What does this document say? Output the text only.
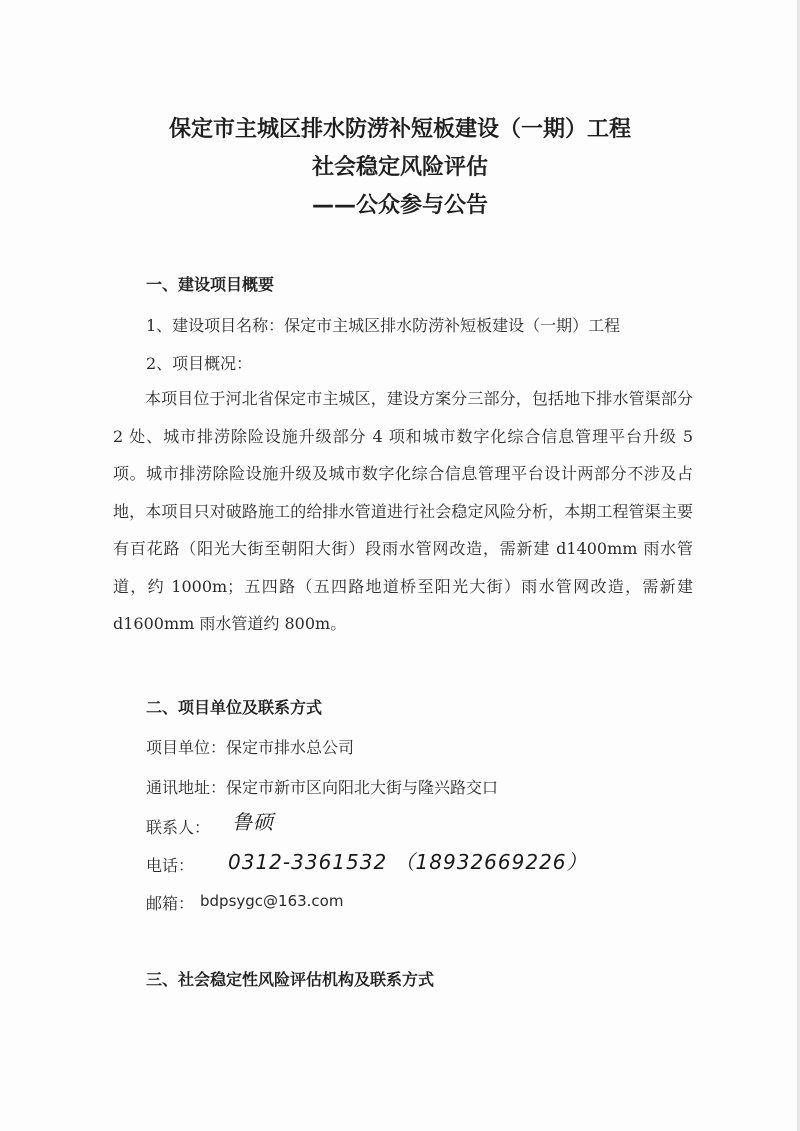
保定市主城区排水防涝补短板建设（一期）工程
社会稳定风险评估
——公众参与公告
一、建设项目概要
1、建设项目名称：保定市主城区排水防涝补短板建设（一期）工程
2、项目概况：

本项目位于河北省保定市主城区，建设方案分三部分，包括地下排水管渠部分 2 处、城市排涝除险设施升级部分 4 项和城市数字化综合信息管理平台升级 5 项。城市排涝除险设施升级及城市数字化综合信息管理平台设计两部分不涉及占地，本项目只对破路施工的给排水管道进行社会稳定风险分析，本期工程管渠主要有百花路（阳光大街至朝阳大街）段雨水管网改造，需新建 d1400mm 雨水管道，约 1000m；五四路（五四路地道桥至阳光大街）雨水管网改造，需新建 d1600mm 雨水管道约 800m。

二、项目单位及联系方式
项目单位：保定市排水总公司
通讯地址：保定市新市区向阳北大街与隆兴路交口
联系人： 鲁硕
电话： 0312-3361532 （18932669226）
邮箱： bdpsygc@163.com
三、社会稳定性风险评估机构及联系方式
